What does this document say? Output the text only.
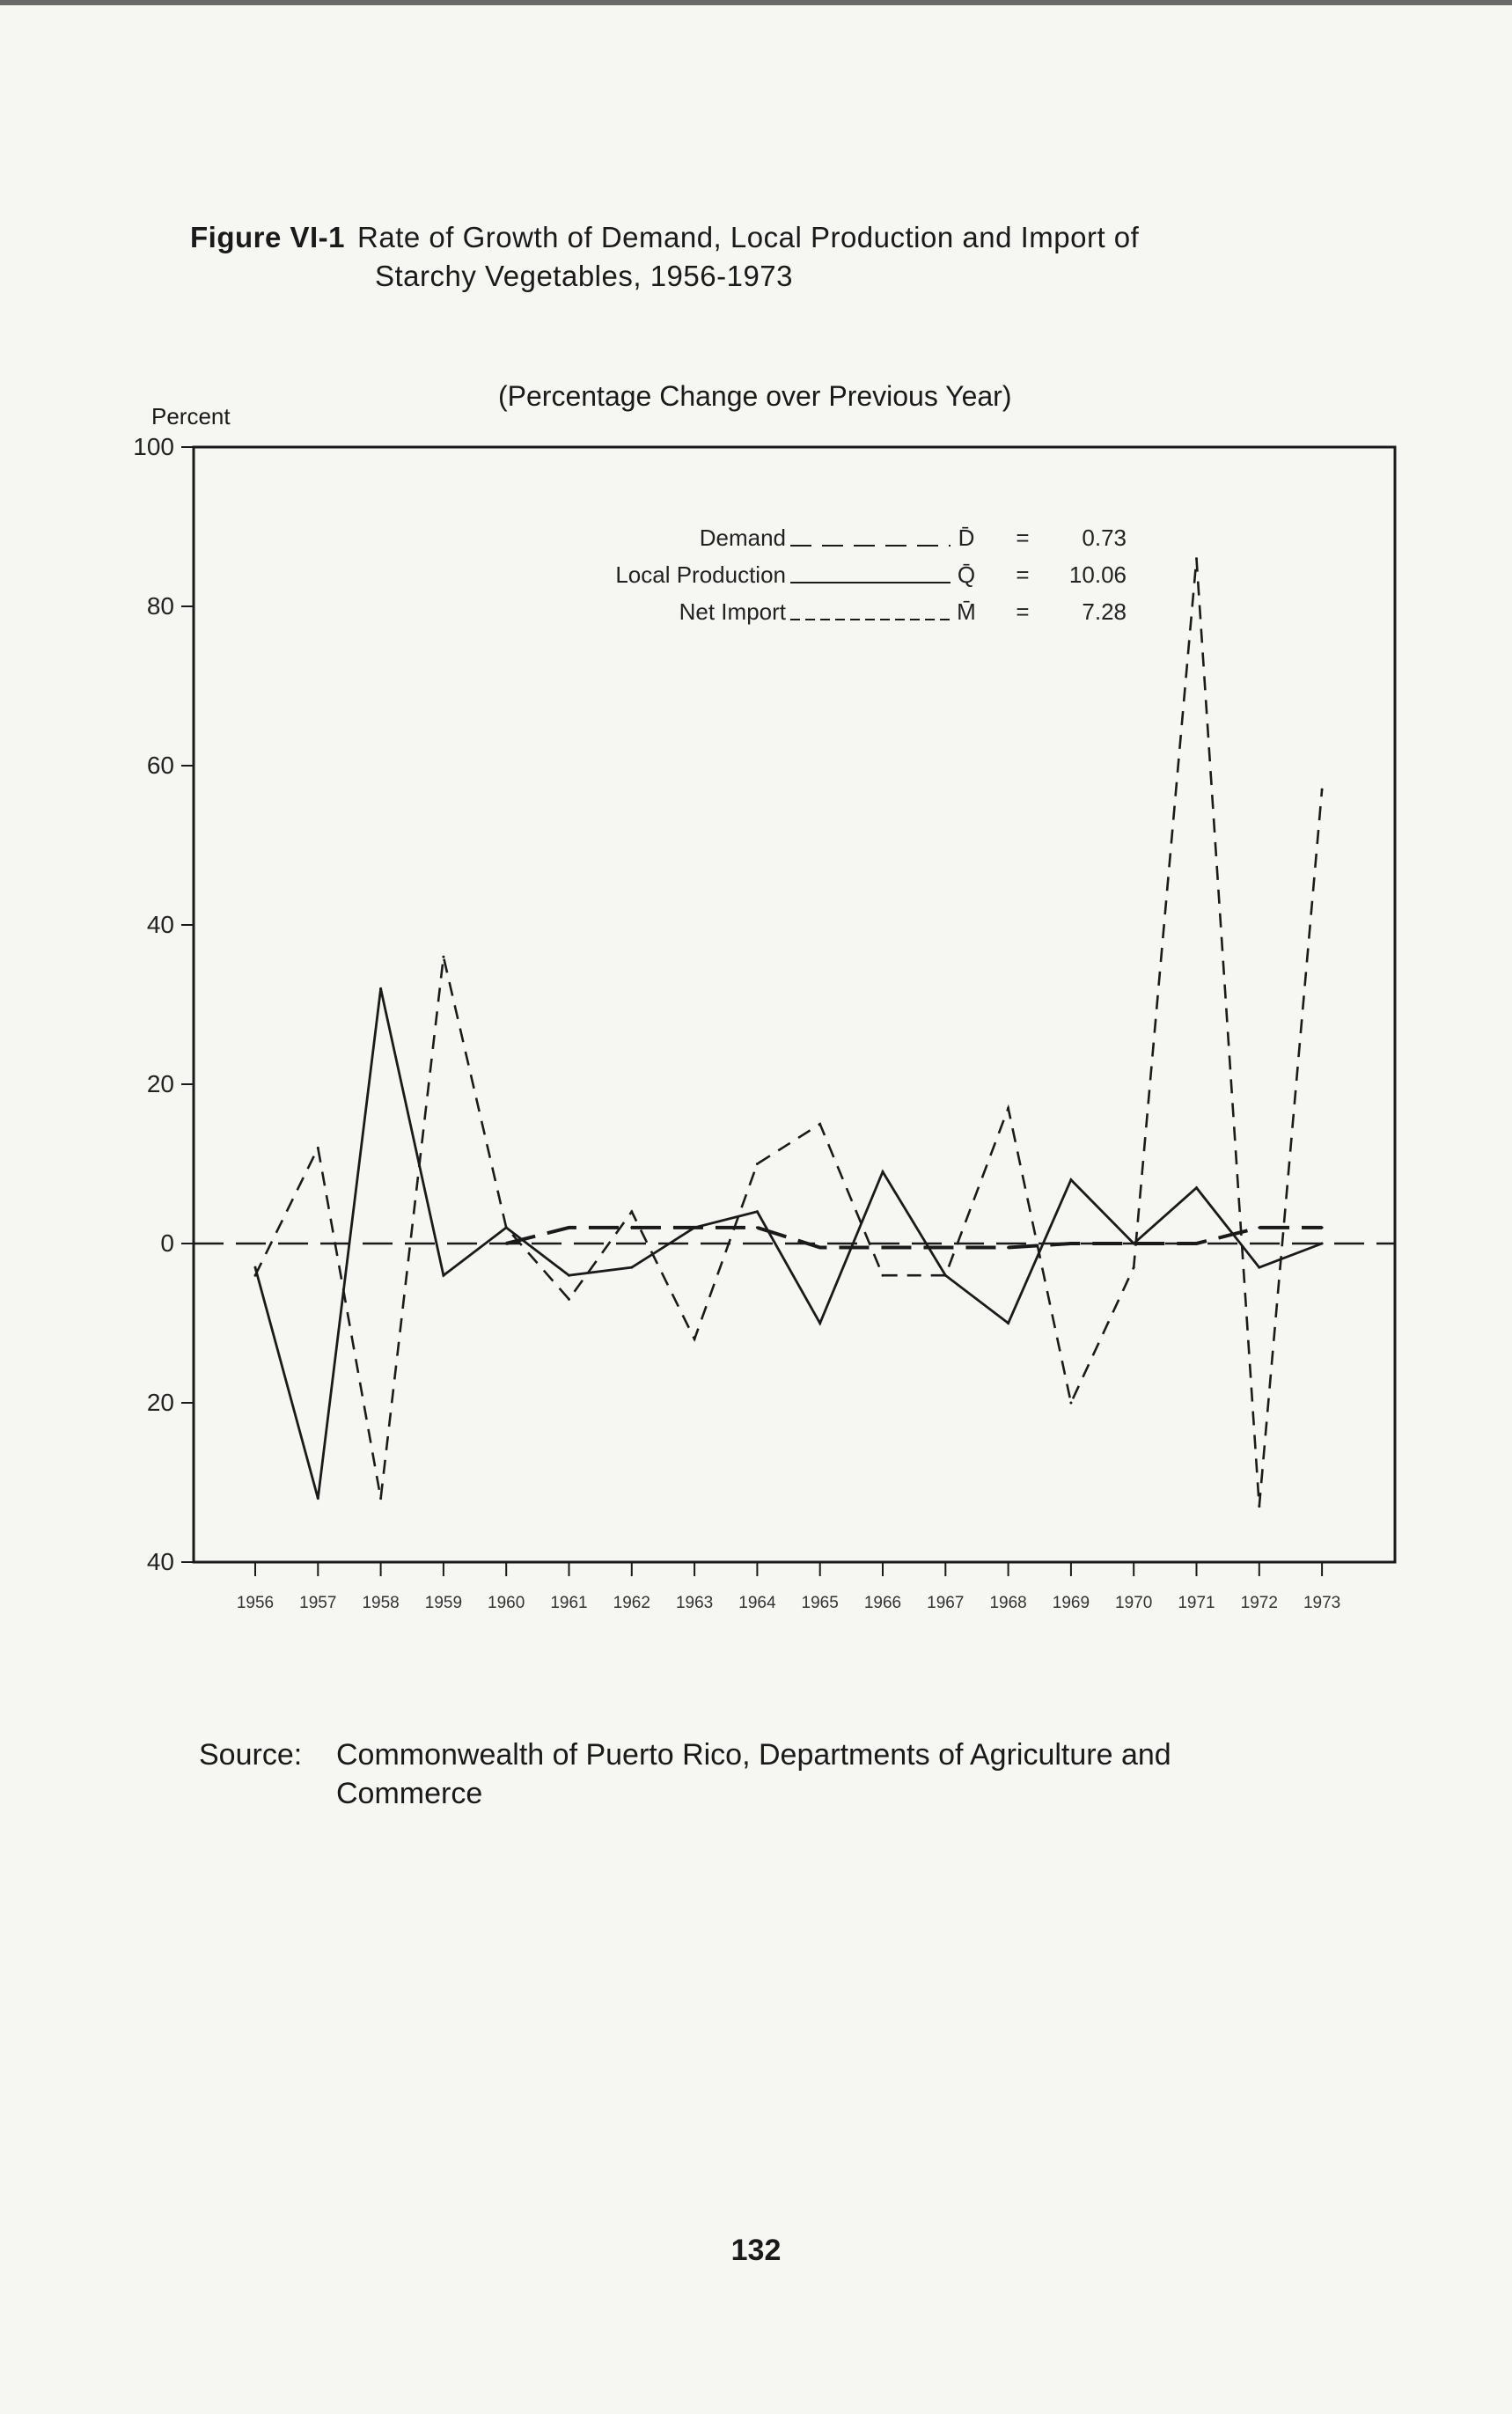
Figure VI-1 Rate of Growth of Demand, Local Production and Import of
Starchy Vegetables, 1956-1973
(Percentage Change over Previous Year)
Percent
100
80
60
40
20
0
20
40
1956 1957 1958 1959 1960 1961 1962 1963 1964 1965 1966 1967 1968 1969 1970 1971 1972 1973
Demand	D̄ = 0.73
Local Production	Q̄ = 10.06
Net Import	M̄ = 7.28
Source: Commonwealth of Puerto Rico, Departments of Agriculture and
Commerce
132
